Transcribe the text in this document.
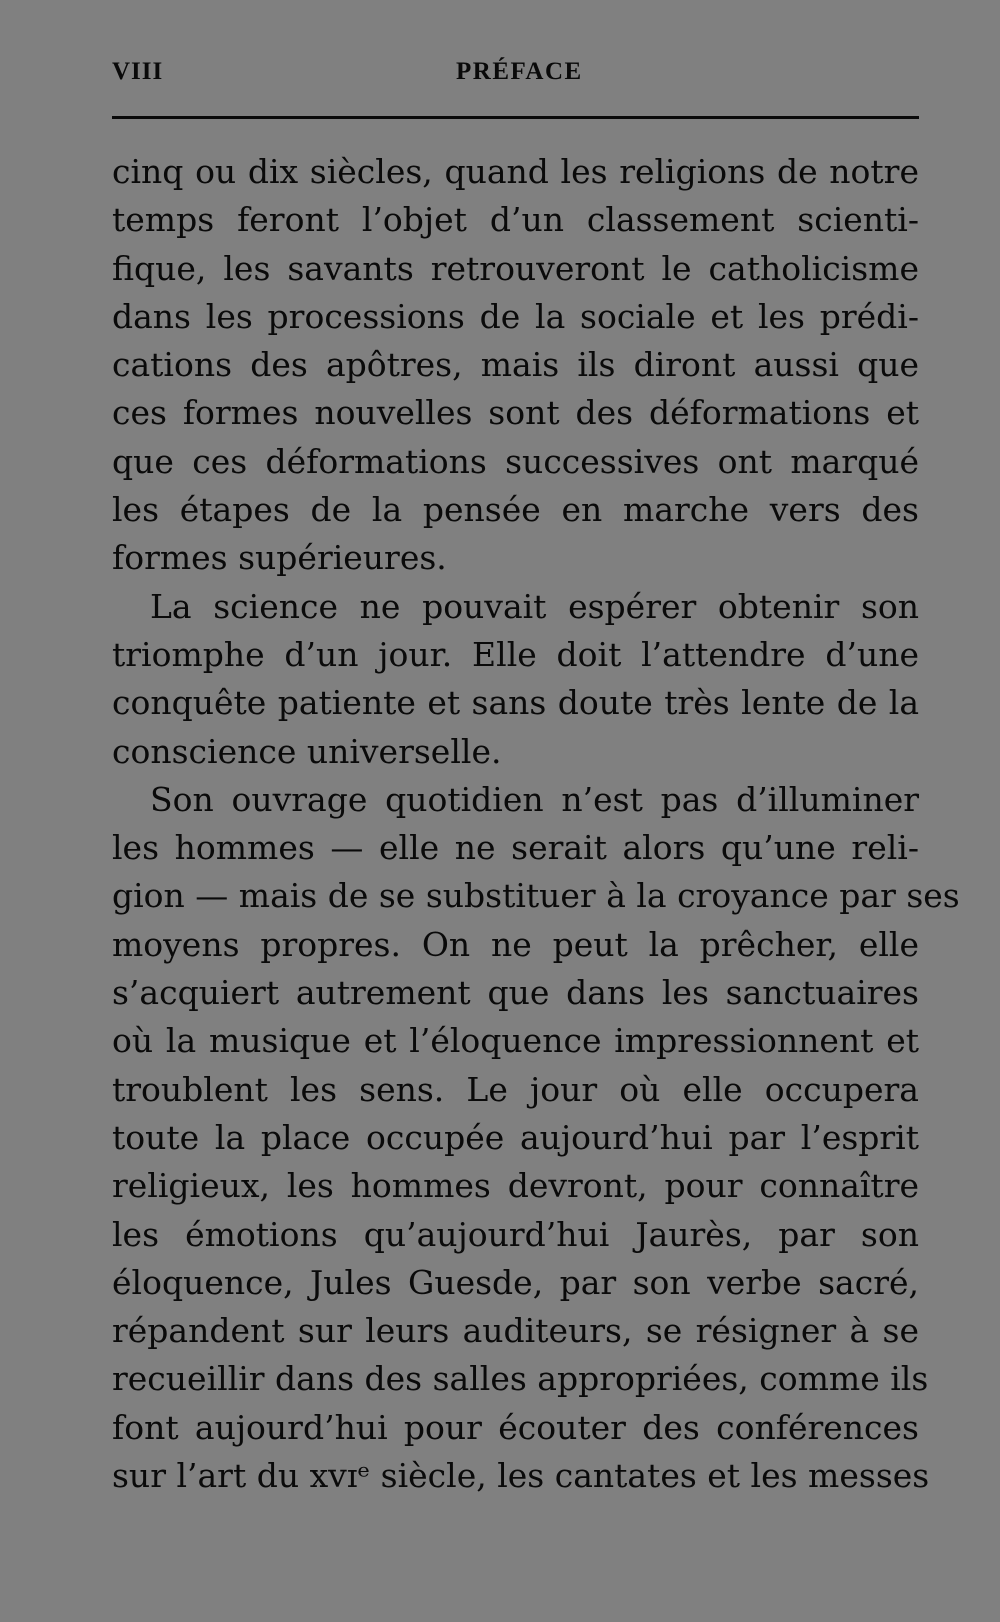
VIII	PRÉFACE
cinq ou dix siècles, quand les religions de notre
temps feront l’objet d’un classement scienti-
fique, les savants retrouveront le catholicisme
dans les processions de la sociale et les prédi-
cations des apôtres, mais ils diront aussi que
ces formes nouvelles sont des déformations et
que ces déformations successives ont marqué
les étapes de la pensée en marche vers des
formes supérieures.
La science ne pouvait espérer obtenir son
triomphe d’un jour. Elle doit l’attendre d’une
conquête patiente et sans doute très lente de la
conscience universelle.
Son ouvrage quotidien n’est pas d’illuminer
les hommes — elle ne serait alors qu’une reli-
gion — mais de se substituer à la croyance par ses
moyens propres. On ne peut la prêcher, elle
s’acquiert autrement que dans les sanctuaires
où la musique et l’éloquence impressionnent et
troublent les sens. Le jour où elle occupera
toute la place occupée aujourd’hui par l’esprit
religieux, les hommes devront, pour connaître
les émotions qu’aujourd’hui Jaurès, par son
éloquence, Jules Guesde, par son verbe sacré,
répandent sur leurs auditeurs, se résigner à se
recueillir dans des salles appropriées, comme ils
font aujourd’hui pour écouter des conférences
sur l’art du xvɪᵉ siècle, les cantates et les messes
